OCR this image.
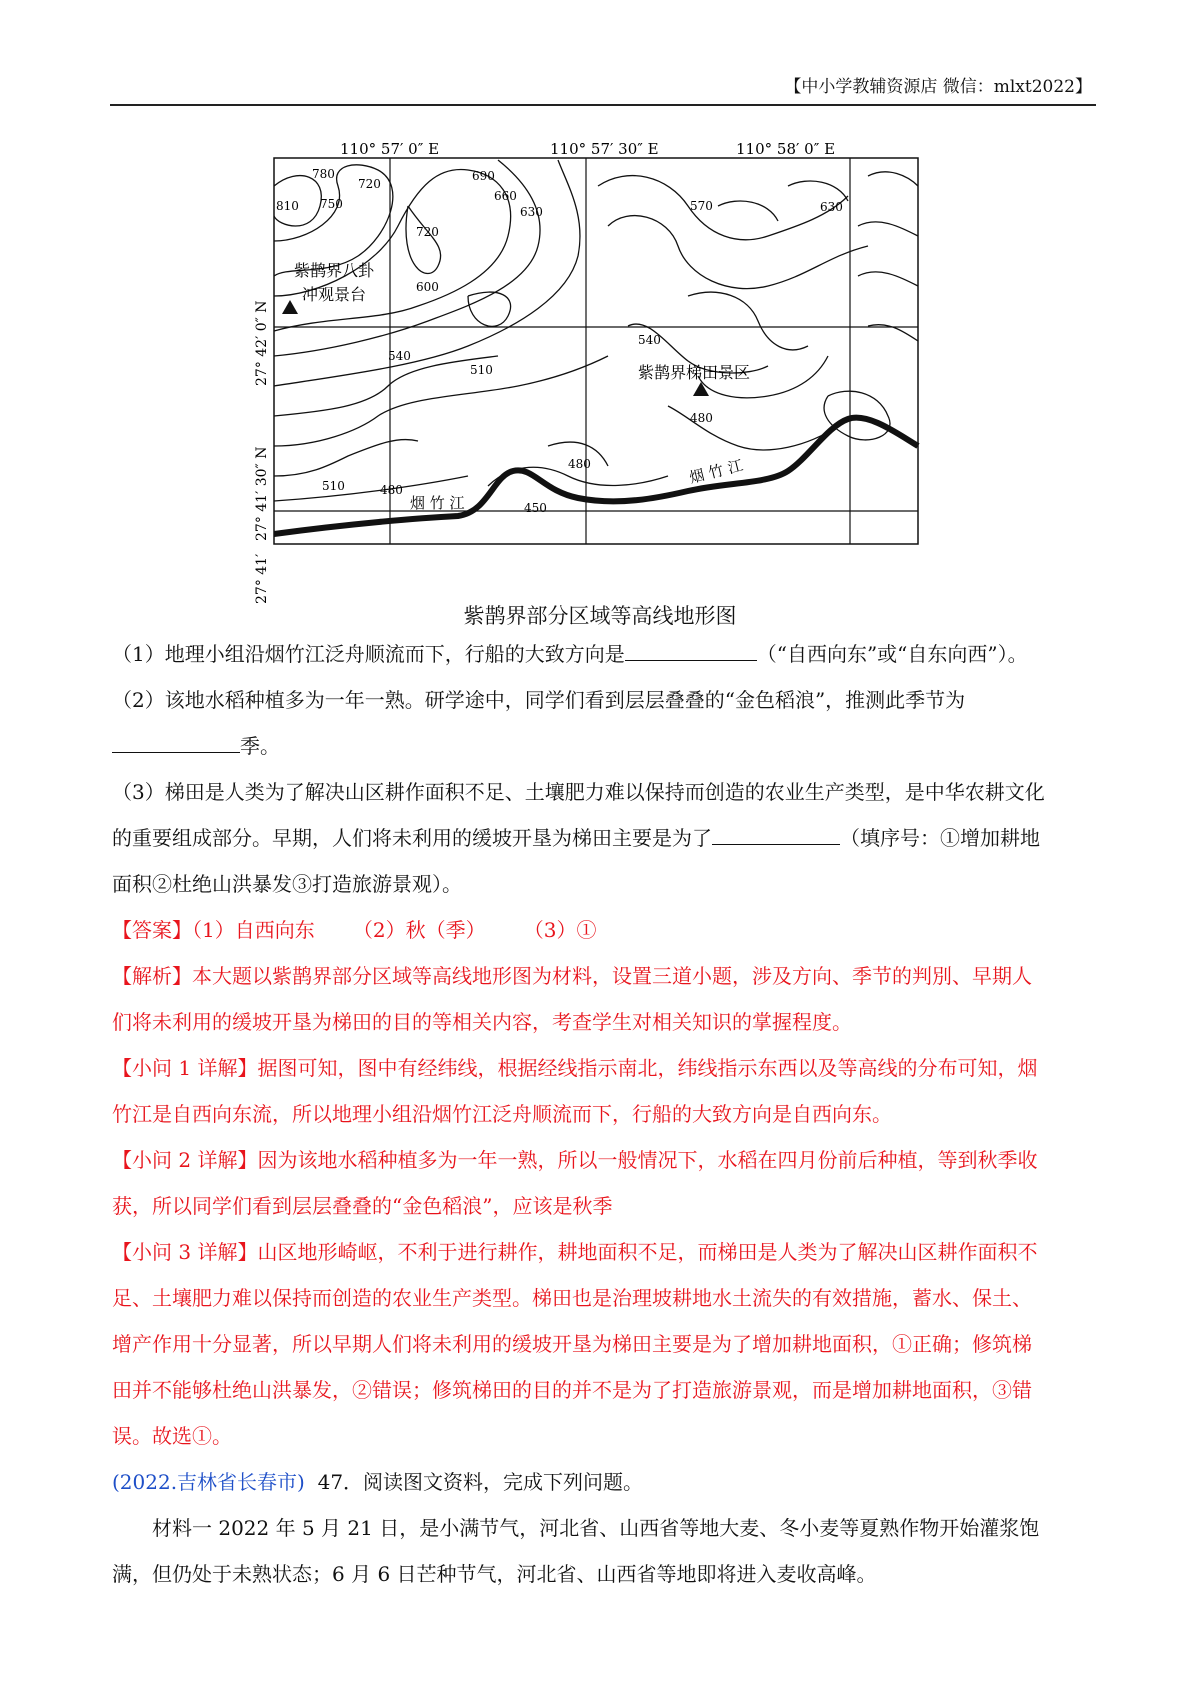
【中小学教辅资源店 微信：mlxt2022】
110° 57′ 0″ E	110° 57′ 30″ E	110° 58′ 0″ E
27° 42′ 0″ N
27° 41′ 30″ N
27° 41′
780
720
690
660
630
750
810
720
600
570	630
540
510
540
480
480
510	480
450
紫鹊界八卦
冲观景台
紫鹊界梯田景区
烟 竹 江
烟 竹 江
紫鹊界部分区域等高线地形图
（1）地理小组沿烟竹江泛舟顺流而下，行船的大致方向是	（“自西向东”或“自东向西”）。
（2）该地水稻种植多为一年一熟。研学途中，同学们看到层层叠叠的“金色稻浪”，推测此季节为
季。
（3）梯田是人类为了解决山区耕作面积不足、土壤肥力难以保持而创造的农业生产类型，是中华农耕文化
的重要组成部分。早期，人们将未利用的缓坡开垦为梯田主要是为了	（填序号：①增加耕地
面积②杜绝山洪暴发③打造旅游景观）。
【答案】（1）自西向东      （2）秋（季）      （3）①
【解析】本大题以紫鹊界部分区域等高线地形图为材料，设置三道小题，涉及方向、季节的判別、早期人
们将未利用的缓坡开垦为梯田的目的等相关内容，考查学生对相关知识的掌握程度。
【小问 1 详解】据图可知，图中有经纬线，根据经线指示南北，纬线指示东西以及等高线的分布可知，烟
竹江是自西向东流，所以地理小组沿烟竹江泛舟顺流而下，行船的大致方向是自西向东。
【小问 2 详解】因为该地水稻种植多为一年一熟，所以一般情况下，水稻在四月份前后种植，等到秋季收
获，所以同学们看到层层叠叠的“金色稻浪”，应该是秋季
【小问 3 详解】山区地形崎岖，不利于进行耕作，耕地面积不足，而梯田是人类为了解决山区耕作面积不
足、土壤肥力难以保持而创造的农业生产类型。梯田也是治理坡耕地水土流失的有效措施，蓄水、保土、
增产作用十分显著，所以早期人们将未利用的缓坡开垦为梯田主要是为了增加耕地面积，①正确；修筑梯
田并不能够杜绝山洪暴发，②错误；修筑梯田的目的并不是为了打造旅游景观，而是增加耕地面积，③错
误。故选①。
(2022.吉林省长春市)  47．阅读图文资料，完成下列问题。
材料一 2022 年 5 月 21 日，是小满节气，河北省、山西省等地大麦、冬小麦等夏熟作物开始灌浆饱
满，但仍处于未熟状态；6 月 6 日芒种节气，河北省、山西省等地即将进入麦收高峰。
